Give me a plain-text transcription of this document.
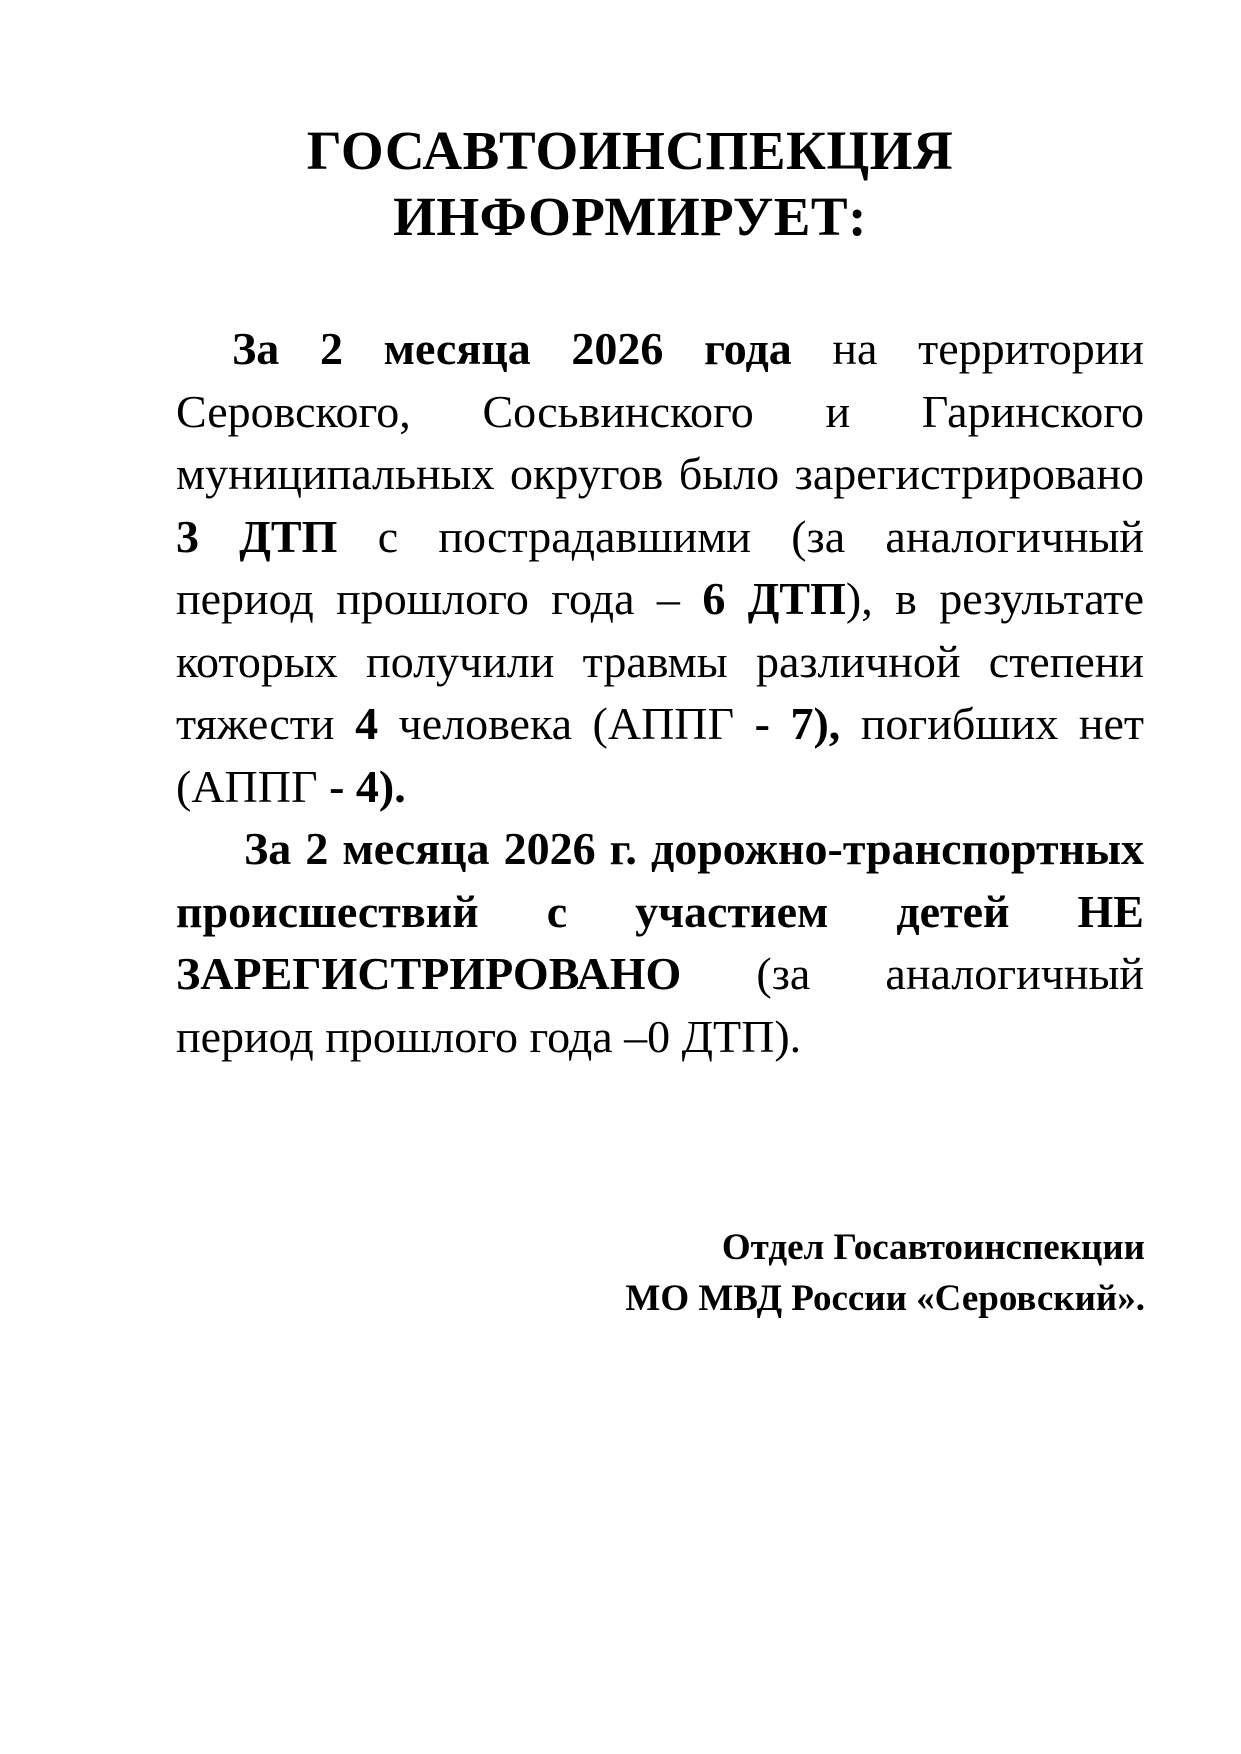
ГОСАВТОИНСПЕКЦИЯ
ИНФОРМИРУЕТ:

За 2 месяца 2026 года на территории Серовского, Сосьвинского и Гаринского муниципальных округов было зарегистрировано 3 ДТП с пострадавшими (за аналогичный период прошлого года – 6 ДТП), в результате которых получили травмы различной степени тяжести 4 человека (АППГ - 7), погибших нет (АППГ - 4).

За 2 месяца 2026 г. дорожно-транспортных происшествий с участием детей НЕ ЗАРЕГИСТРИРОВАНО (за аналогичный период прошлого года –0 ДТП).

Отдел Госавтоинспекции
МО МВД России «Серовский».
